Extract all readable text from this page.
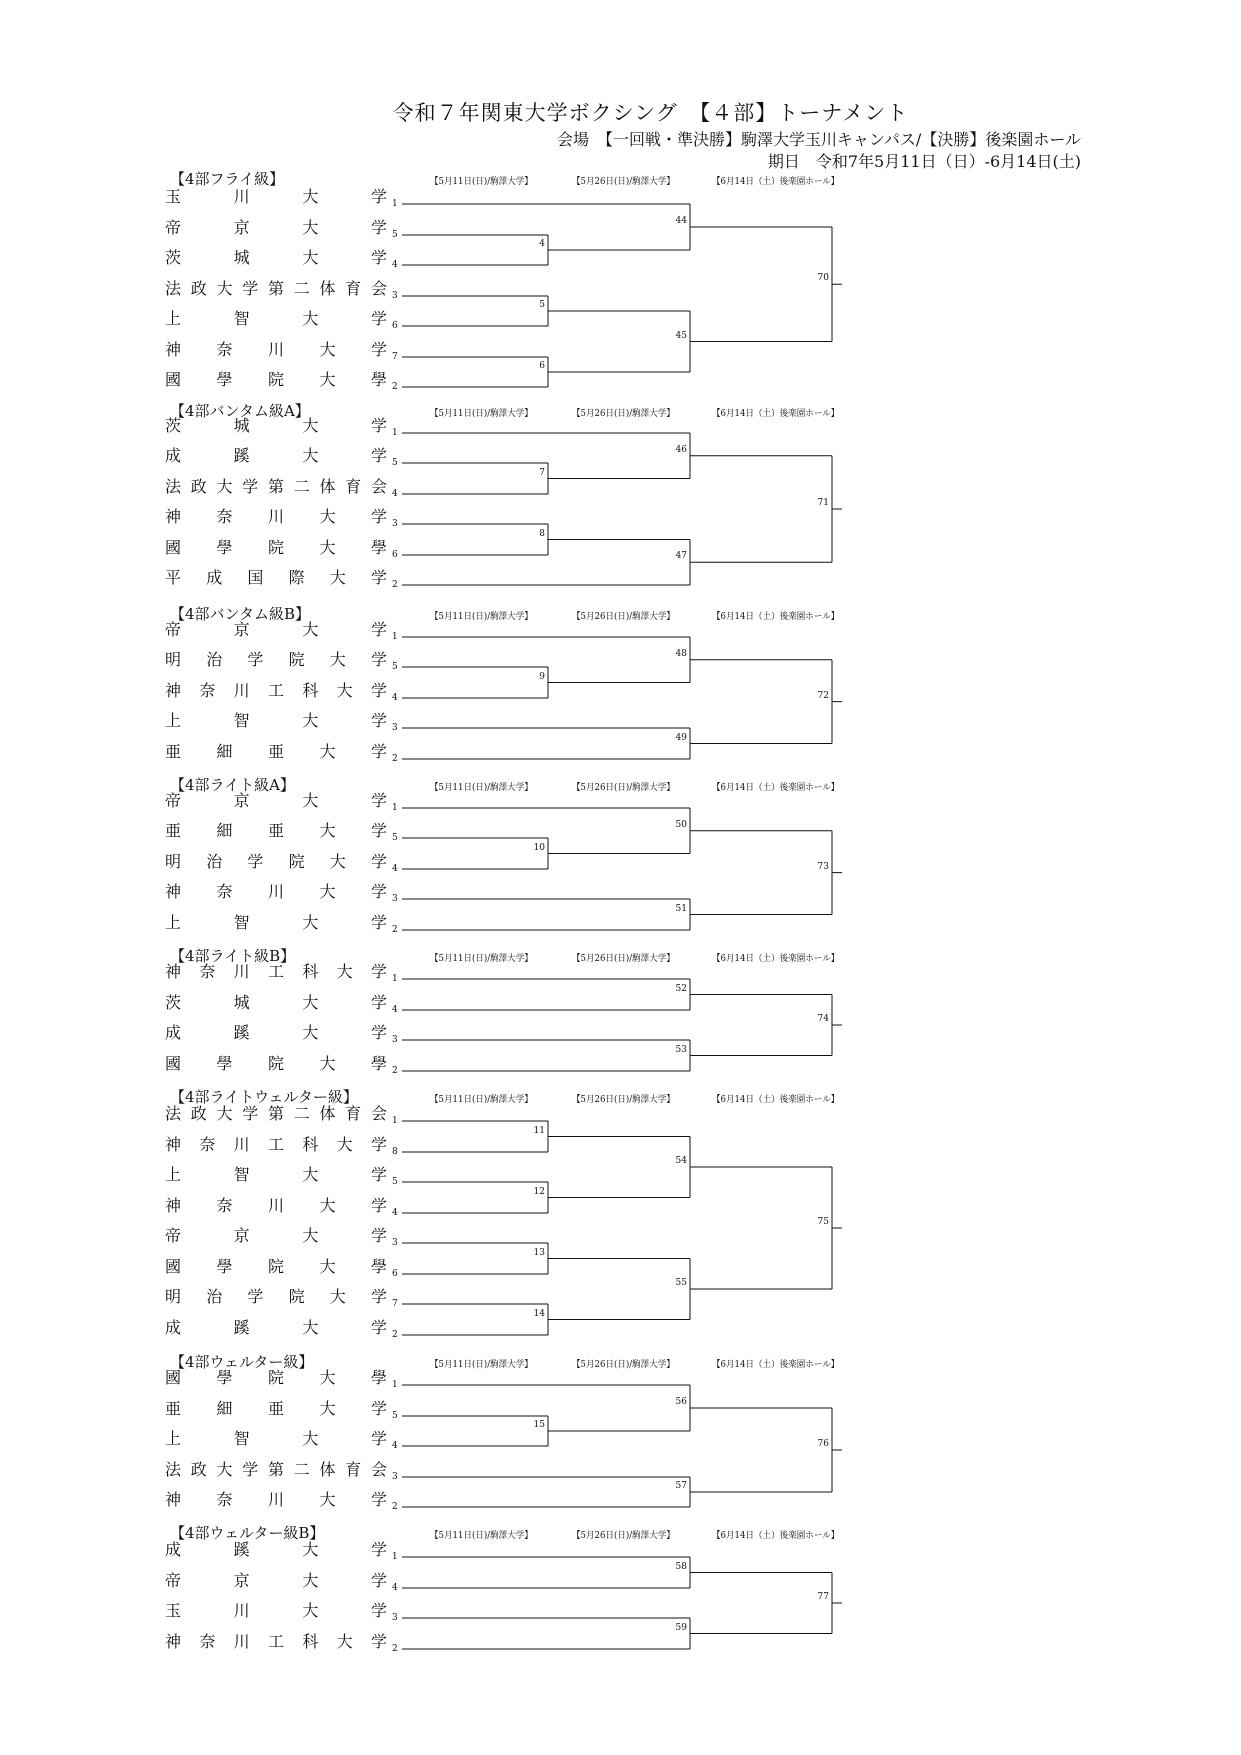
令和７年関東大学ボクシング　【４部】トーナメント
会場　【一回戦・準決勝】駒澤大学玉川キャンパス/【決勝】後楽園ホール
期日　令和7年5月11日（日）-6月14日(土)
【4部フライ級】	【5月11日(日)/駒澤大学】	【5月26日(日)/駒澤大学】	【6月14日（土）後楽園ホール】
玉川大学 1
帝京大学 5
茨城大学 4
法政大学第二体育会 3
上智大学 6
神奈川大学 7
國學院大學 2
4
5
6
44
45
70
【4部バンタム級A】	【5月11日(日)/駒澤大学】	【5月26日(日)/駒澤大学】	【6月14日（土）後楽園ホール】
茨城大学 1
成蹊大学 5
法政大学第二体育会 4
神奈川大学 3
國學院大學 6
平成国際大学 2
7
8
46
47
71
【4部バンタム級B】	【5月11日(日)/駒澤大学】	【5月26日(日)/駒澤大学】	【6月14日（土）後楽園ホール】
帝京大学 1
明治学院大学 5
神奈川工科大学 4
上智大学 3
亜細亜大学 2
9
48
49
72
【4部ライト級A】	【5月11日(日)/駒澤大学】	【5月26日(日)/駒澤大学】	【6月14日（土）後楽園ホール】
帝京大学 1
亜細亜大学 5
明治学院大学 4
神奈川大学 3
上智大学 2
10
50
51
73
【4部ライト級B】	【5月11日(日)/駒澤大学】	【5月26日(日)/駒澤大学】	【6月14日（土）後楽園ホール】
神奈川工科大学 1
茨城大学 4
成蹊大学 3
國學院大學 2
52
53
74
【4部ライトウェルター級】	【5月11日(日)/駒澤大学】	【5月26日(日)/駒澤大学】	【6月14日（土）後楽園ホール】
法政大学第二体育会 1
神奈川工科大学 8
上智大学 5
神奈川大学 4
帝京大学 3
國學院大學 6
明治学院大学 7
成蹊大学 2
11
12
13
14
54
55
75
【4部ウェルター級】	【5月11日(日)/駒澤大学】	【5月26日(日)/駒澤大学】	【6月14日（土）後楽園ホール】
國學院大學 1
亜細亜大学 5
上智大学 4
法政大学第二体育会 3
神奈川大学 2
15
56
57
76
【4部ウェルター級B】	【5月11日(日)/駒澤大学】	【5月26日(日)/駒澤大学】	【6月14日（土）後楽園ホール】
成蹊大学 1
帝京大学 4
玉川大学 3
神奈川工科大学 2
58
59
77
